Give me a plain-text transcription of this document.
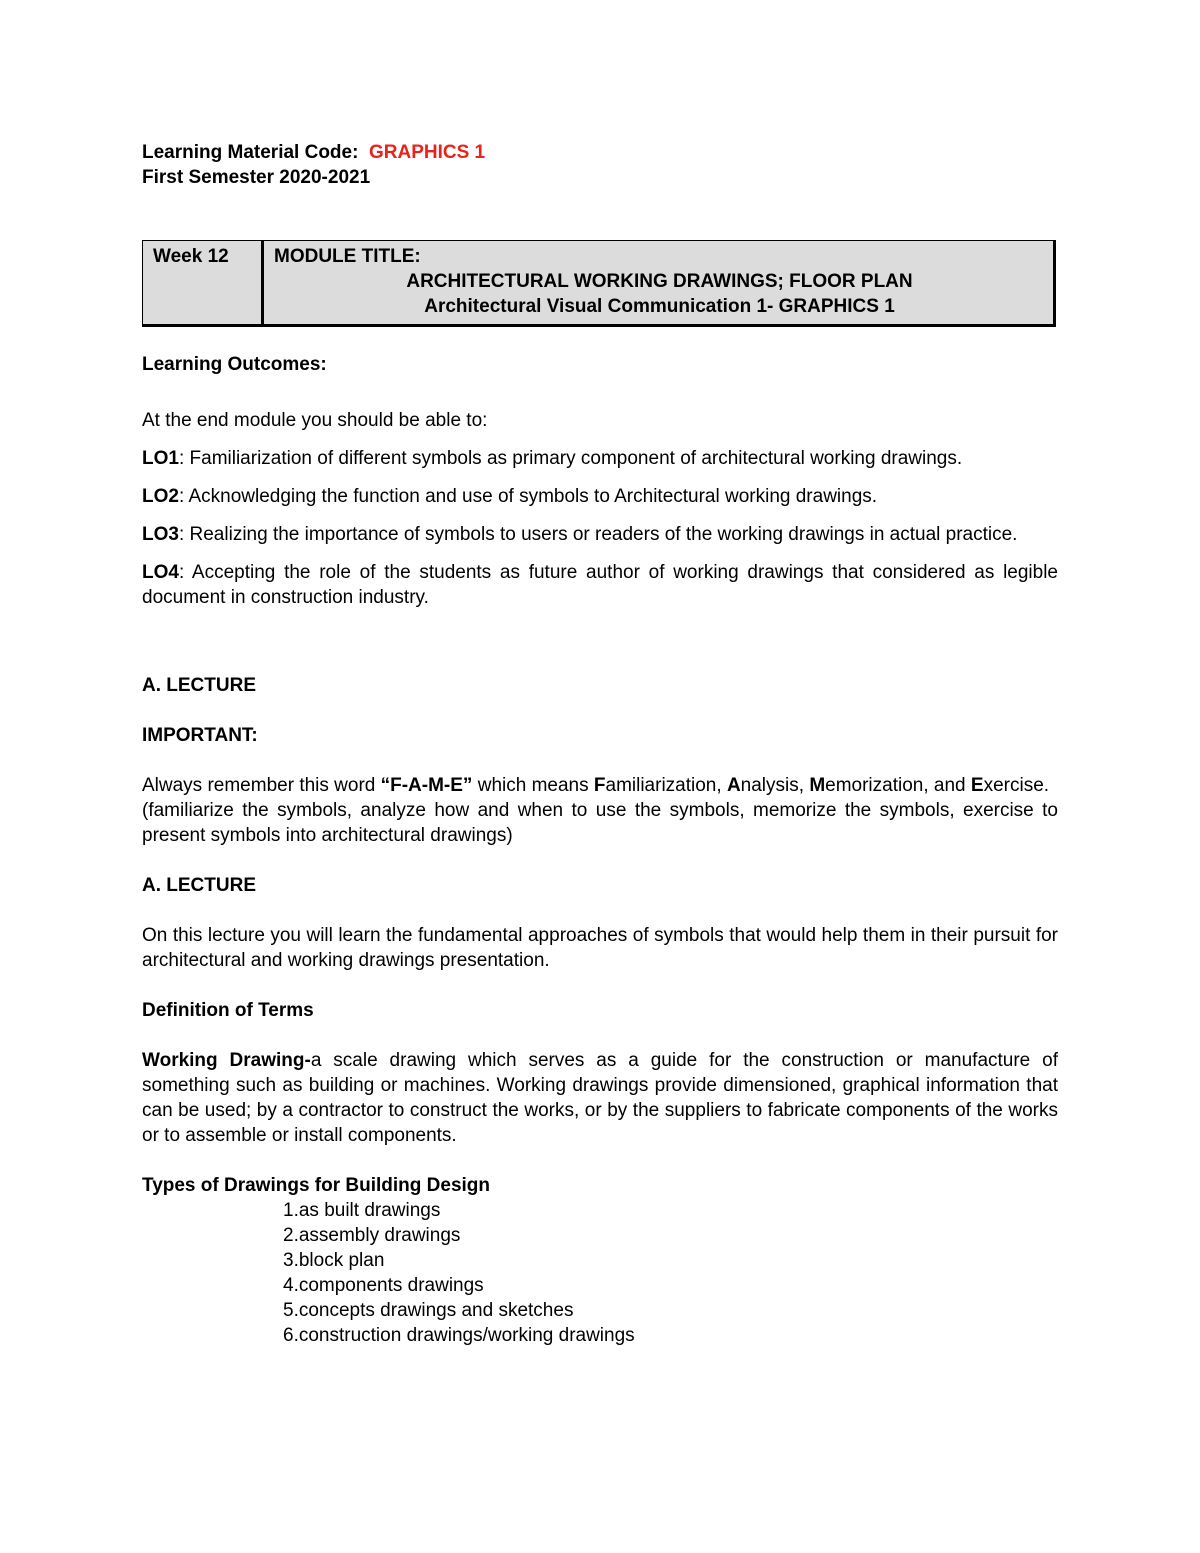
Learning Material Code: GRAPHICS 1

First Semester 2020-2021

Week 12	MODULE TITLE:
ARCHITECTURAL WORKING DRAWINGS; FLOOR PLAN
Architectural Visual Communication 1- GRAPHICS 1

Learning Outcomes:

At the end module you should be able to:

LO1: Familiarization of different symbols as primary component of architectural working drawings.

LO2: Acknowledging the function and use of symbols to Architectural working drawings.

LO3: Realizing the importance of symbols to users or readers of the working drawings in actual practice.

LO4: Accepting the role of the students as future author of working drawings that considered as legible document in construction industry.

A. LECTURE

IMPORTANT:

Always remember this word “F-A-M-E” which means Familiarization, Analysis, Memorization, and Exercise.

(familiarize the symbols, analyze how and when to use the symbols, memorize the symbols, exercise to present symbols into architectural drawings)

A. LECTURE

On this lecture you will learn the fundamental approaches of symbols that would help them in their pursuit for architectural and working drawings presentation.

Definition of Terms

Working Drawing-a scale drawing which serves as a guide for the construction or manufacture of something such as building or machines. Working drawings provide dimensioned, graphical information that can be used; by a contractor to construct the works, or by the suppliers to fabricate components of the works or to assemble or install components.

Types of Drawings for Building Design

1.as built drawings
2.assembly drawings
3.block plan
4.components drawings
5.concepts drawings and sketches
6.construction drawings/working drawings
